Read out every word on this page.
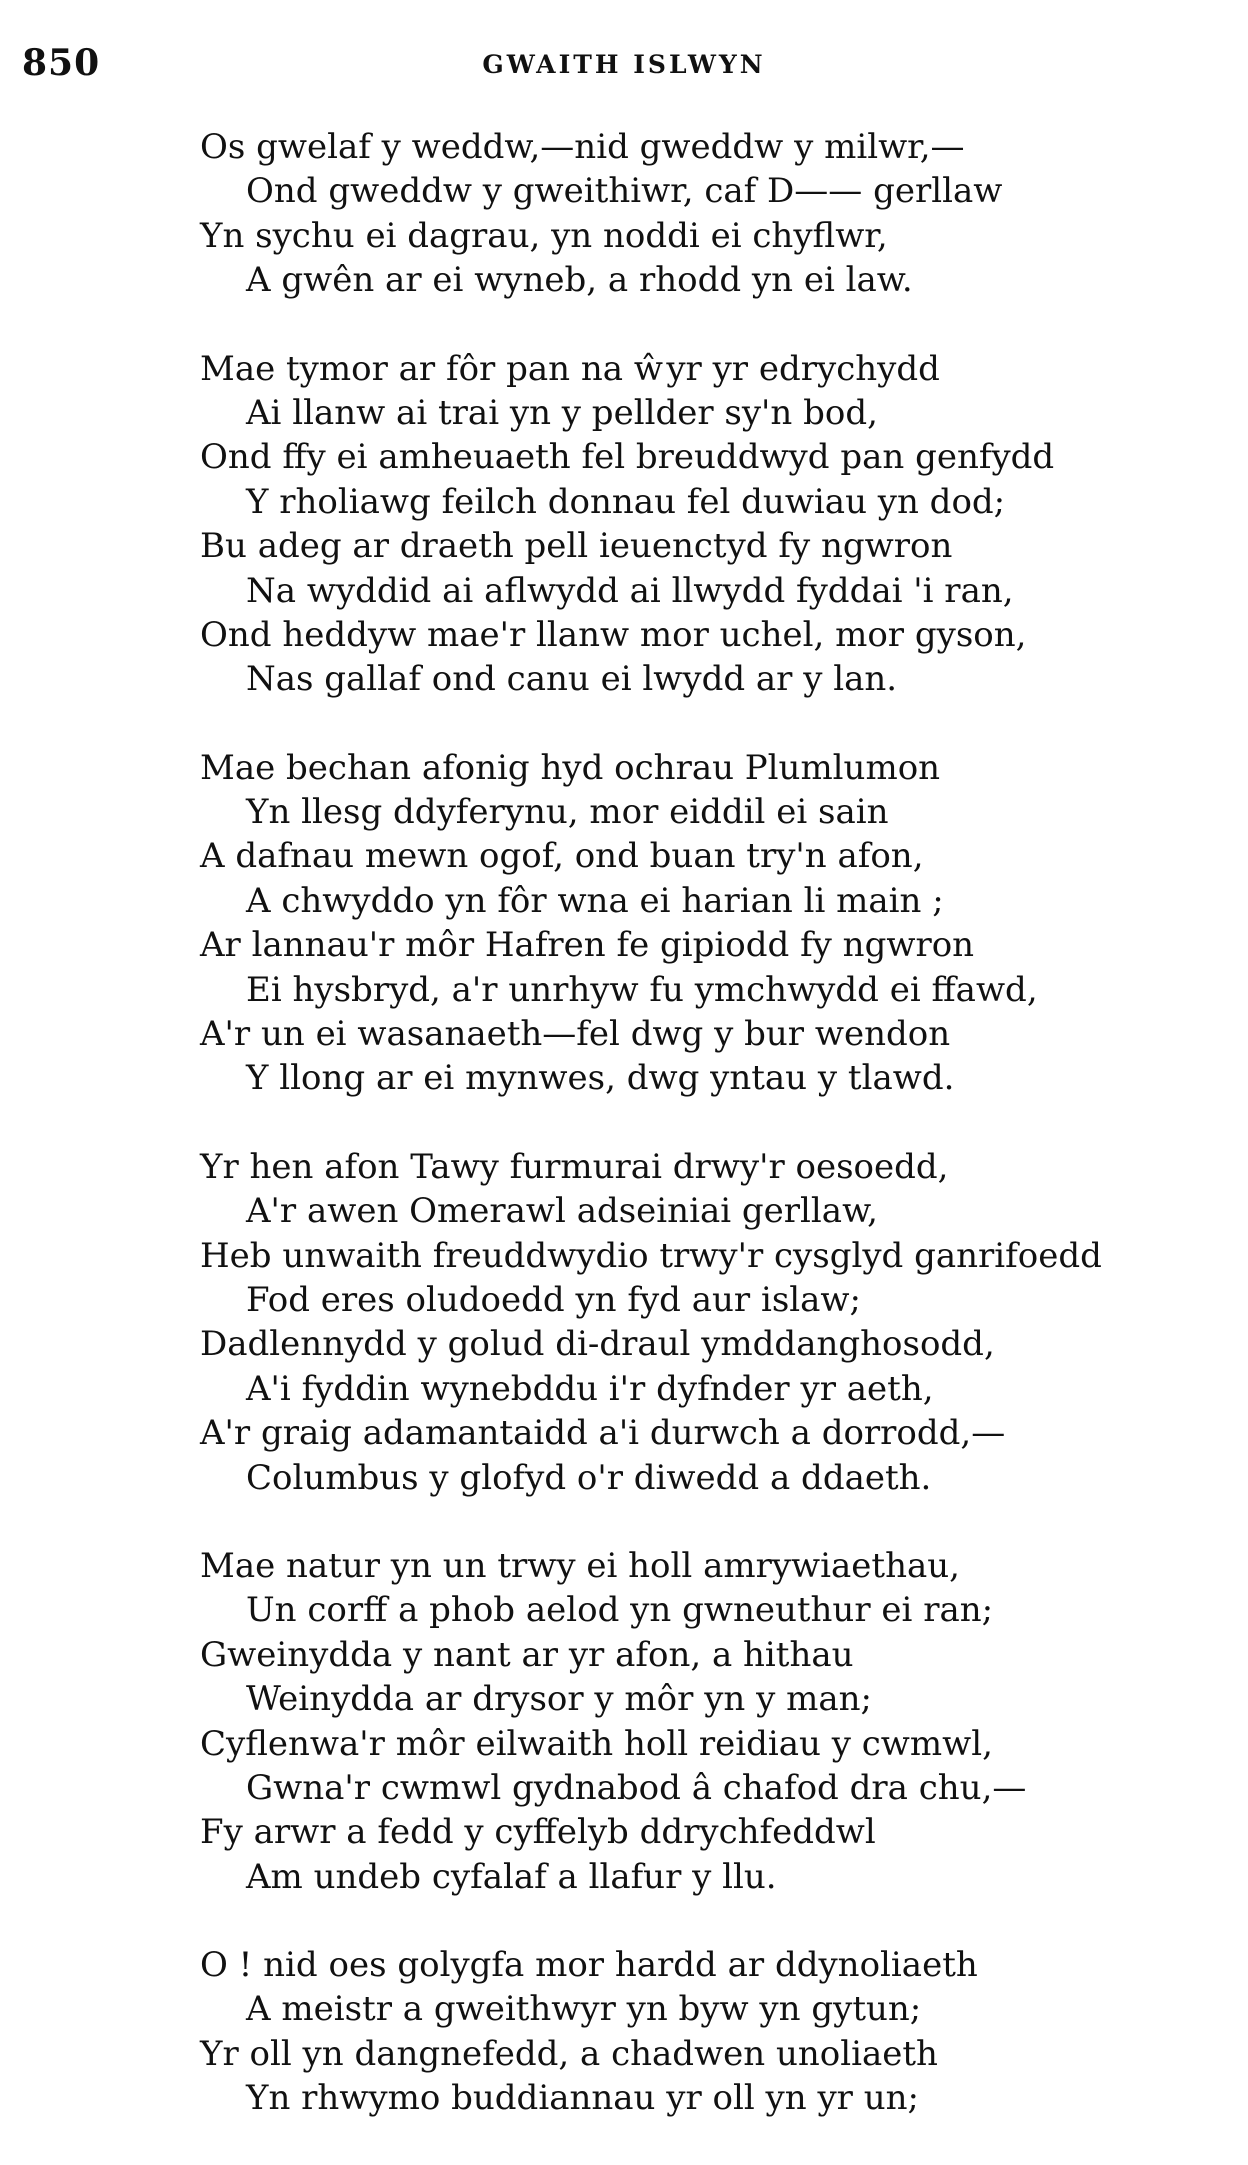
850	GWAITH ISLWYN
Os gwelaf y weddw,—nid gweddw y milwr,—
Ond gweddw y gweithiwr, caf D—— gerllaw
Yn sychu ei dagrau, yn noddi ei chyflwr,
A gwên ar ei wyneb, a rhodd yn ei law.
Mae tymor ar fôr pan na ŵyr yr edrychydd
Ai llanw ai trai yn y pellder sy'n bod,
Ond ffy ei amheuaeth fel breuddwyd pan genfydd
Y rholiawg feilch donnau fel duwiau yn dod;
Bu adeg ar draeth pell ieuenctyd fy ngwron
Na wyddid ai aflwydd ai llwydd fyddai 'i ran,
Ond heddyw mae'r llanw mor uchel, mor gyson,
Nas gallaf ond canu ei lwydd ar y lan.
Mae bechan afonig hyd ochrau Plumlumon
Yn llesg ddyferynu, mor eiddil ei sain
A dafnau mewn ogof, ond buan try'n afon,
A chwyddo yn fôr wna ei harian li main ;
Ar lannau'r môr Hafren fe gipiodd fy ngwron
Ei hysbryd, a'r unrhyw fu ymchwydd ei ffawd,
A'r un ei wasanaeth—fel dwg y bur wendon
Y llong ar ei mynwes, dwg yntau y tlawd.
Yr hen afon Tawy furmurai drwy'r oesoedd,
A'r awen Omerawl adseiniai gerllaw,
Heb unwaith freuddwydio trwy'r cysglyd ganrifoedd
Fod eres oludoedd yn fyd aur islaw;
Dadlennydd y golud di-draul ymddanghosodd,
A'i fyddin wynebddu i'r dyfnder yr aeth,
A'r graig adamantaidd a'i durwch a dorrodd,—
Columbus y glofyd o'r diwedd a ddaeth.
Mae natur yn un trwy ei holl amrywiaethau,
Un corff a phob aelod yn gwneuthur ei ran;
Gweinydda y nant ar yr afon, a hithau
Weinydda ar drysor y môr yn y man;
Cyflenwa'r môr eilwaith holl reidiau y cwmwl,
Gwna'r cwmwl gydnabod â chafod dra chu,—
Fy arwr a fedd y cyffelyb ddrychfeddwl
Am undeb cyfalaf a llafur y llu.
O ! nid oes golygfa mor hardd ar ddynoliaeth
A meistr a gweithwyr yn byw yn gytun;
Yr oll yn dangnefedd, a chadwen unoliaeth
Yn rhwymo buddiannau yr oll yn yr un;
